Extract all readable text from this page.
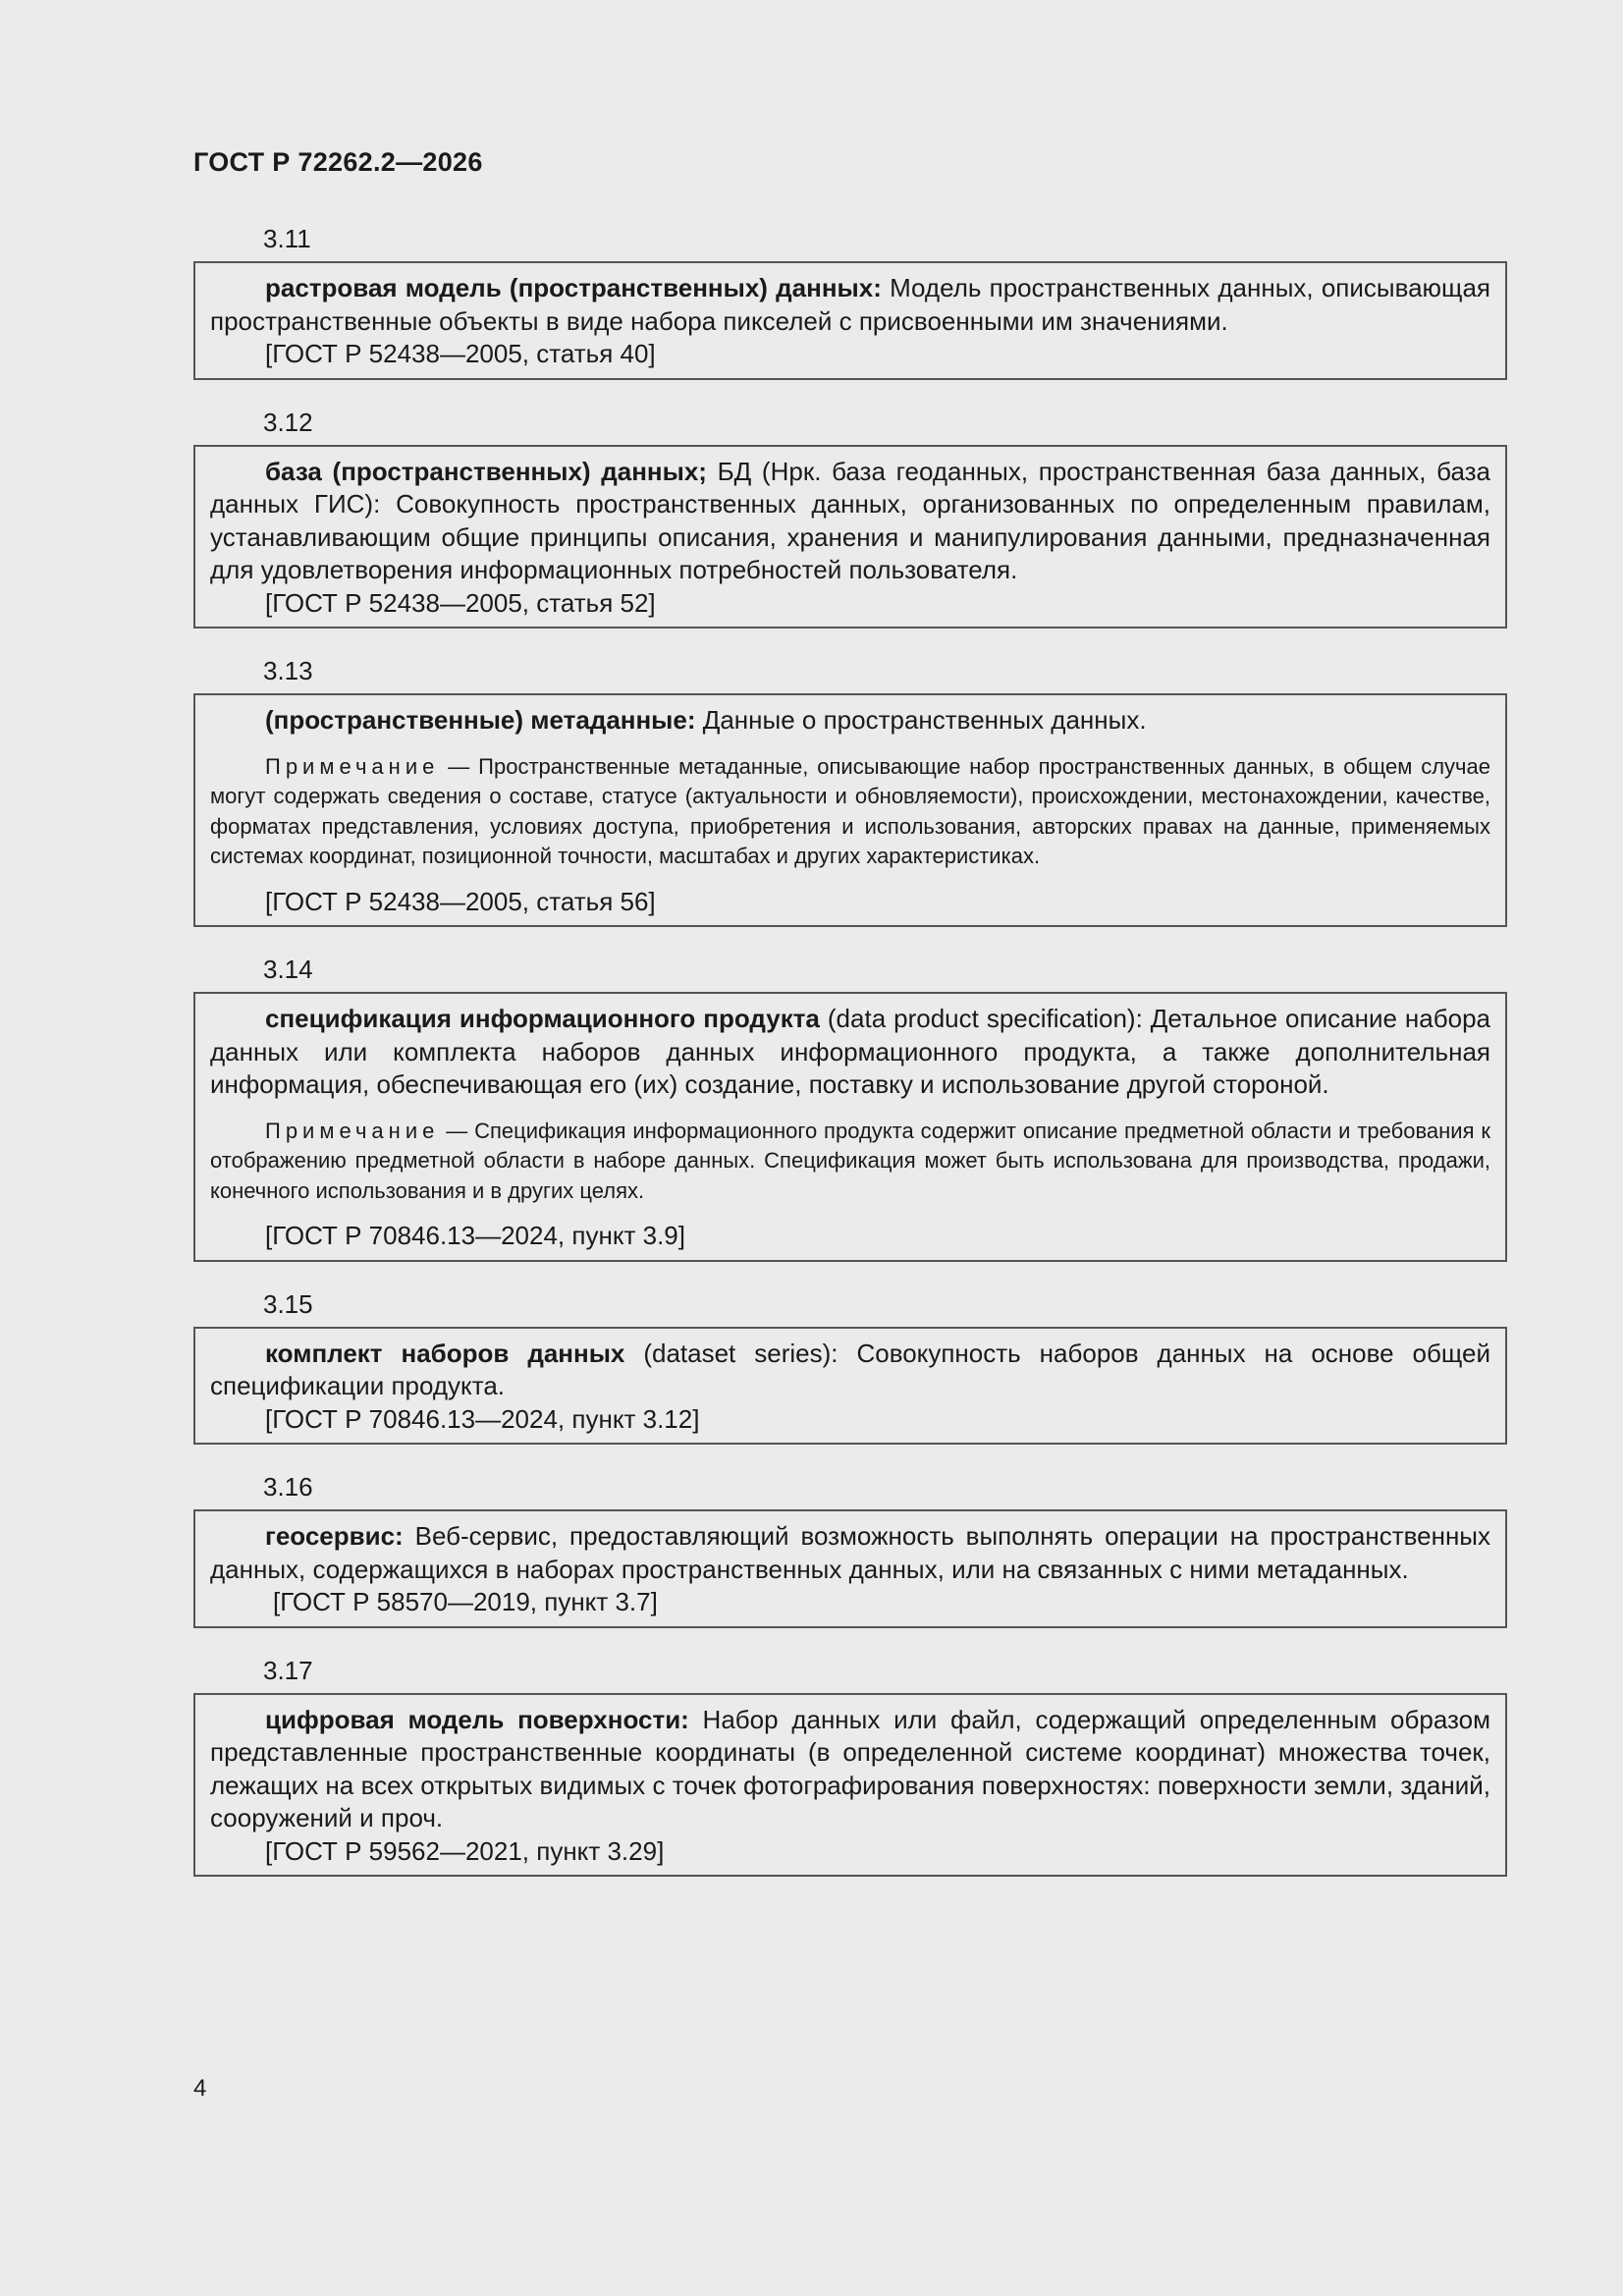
ГОСТ Р 72262.2—2026
3.11

растровая модель (пространственных) данных: Модель пространственных данных, описывающая пространственные объекты в виде набора пикселей с присвоенными им значениями.

[ГОСТ Р 52438—2005, статья 40]

3.12

база (пространственных) данных; БД (Нрк. база геоданных, пространственная база данных, база данных ГИС): Совокупность пространственных данных, организованных по определенным правилам, устанавливающим общие принципы описания, хранения и манипулирования данными, предназначенная для удовлетворения информационных потребностей пользователя.

[ГОСТ Р 52438—2005, статья 52]

3.13

(пространственные) метаданные: Данные о пространственных данных.

Примечание — Пространственные метаданные, описывающие набор пространственных данных, в общем случае могут содержать сведения о составе, статусе (актуальности и обновляемости), происхождении, местонахождении, качестве, форматах представления, условиях доступа, приобретения и использования, авторских правах на данные, применяемых системах координат, позиционной точности, масштабах и других характеристиках.

[ГОСТ Р 52438—2005, статья 56]

3.14

спецификация информационного продукта (data product specification): Детальное описание набора данных или комплекта наборов данных информационного продукта, а также дополнительная информация, обеспечивающая его (их) создание, поставку и использование другой стороной.

Примечание — Спецификация информационного продукта содержит описание предметной области и требования к отображению предметной области в наборе данных. Спецификация может быть использована для производства, продажи, конечного использования и в других целях.

[ГОСТ Р 70846.13—2024, пункт 3.9]

3.15

комплект наборов данных (dataset series): Совокупность наборов данных на основе общей спецификации продукта.

[ГОСТ Р 70846.13—2024, пункт 3.12]

3.16

геосервис: Веб-сервис, предоставляющий возможность выполнять операции на пространственных данных, содержащихся в наборах пространственных данных, или на связанных с ними метаданных.

[ГОСТ Р 58570—2019, пункт 3.7]

3.17

цифровая модель поверхности: Набор данных или файл, содержащий определенным образом представленные пространственные координаты (в определенной системе координат) множества точек, лежащих на всех открытых видимых с точек фотографирования поверхностях: поверхности земли, зданий, сооружений и проч.

[ГОСТ Р 59562—2021, пункт 3.29]

4
